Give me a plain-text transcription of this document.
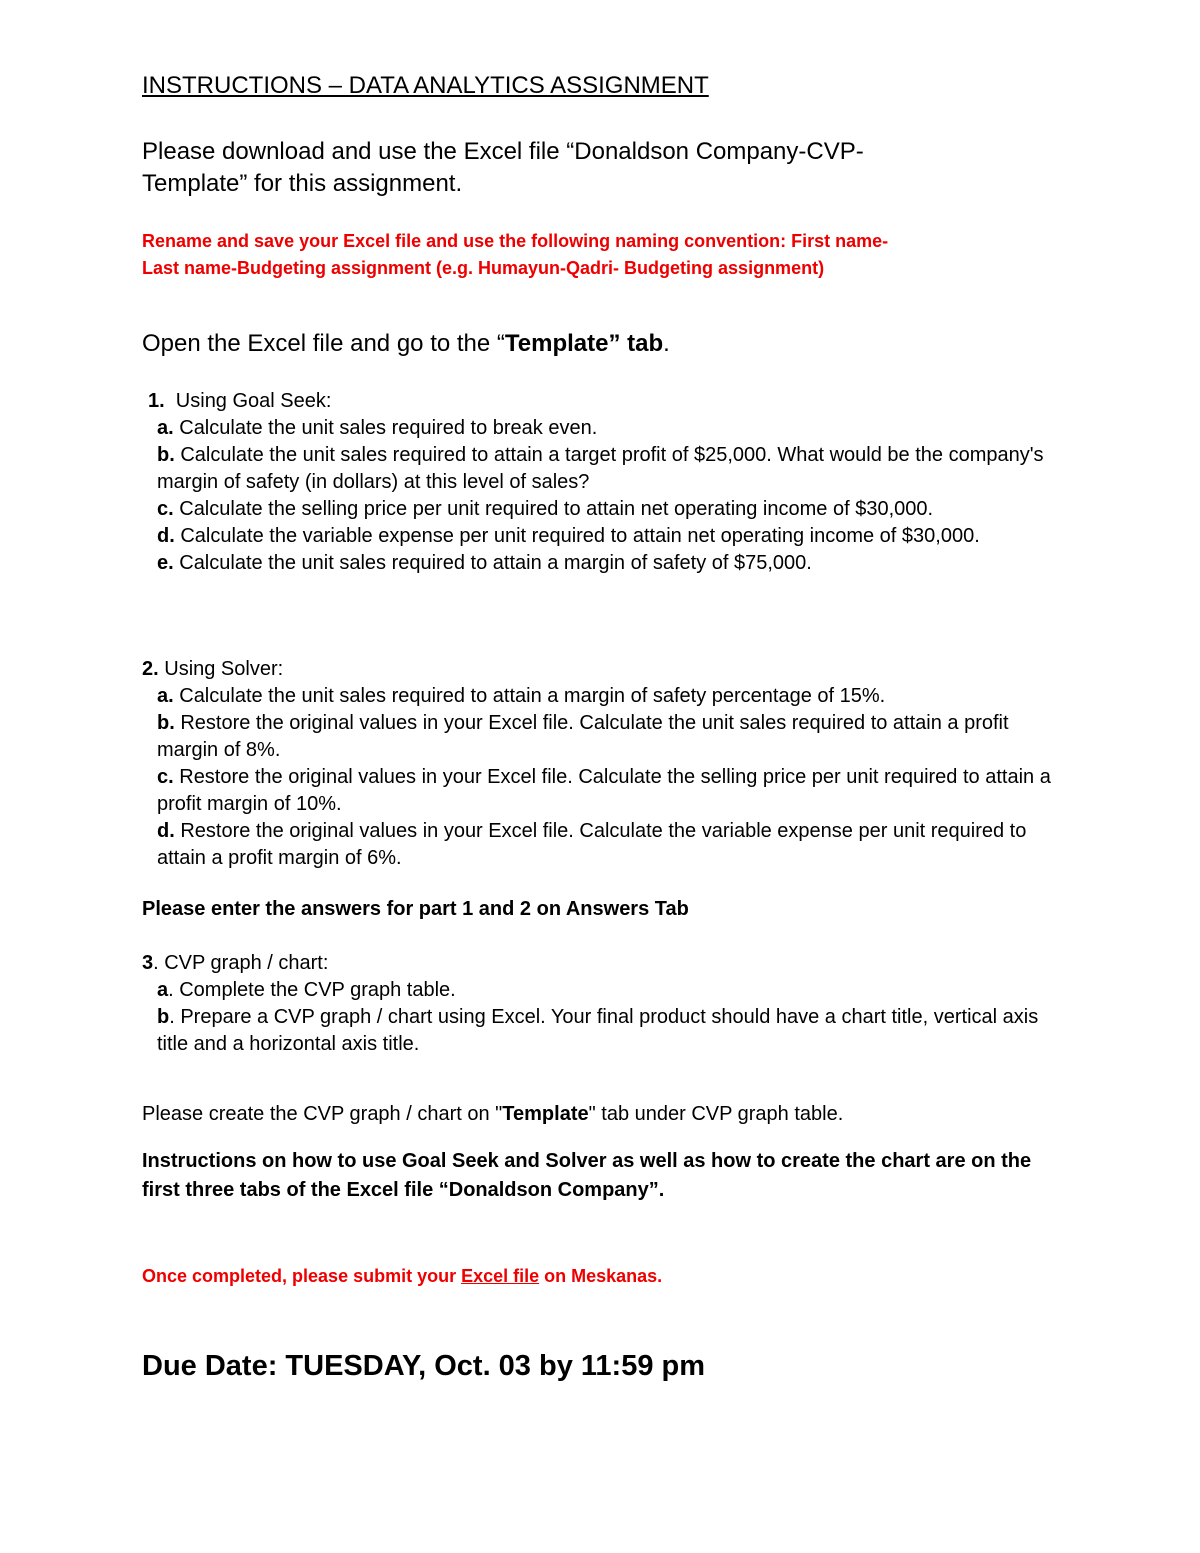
INSTRUCTIONS – DATA ANALYTICS ASSIGNMENT
Please download and use the Excel file “Donaldson Company-CVP-
Template” for this assignment.
Rename and save your Excel file and use the following naming convention: First name-
Last name-Budgeting assignment (e.g. Humayun-Qadri- Budgeting assignment)
Open the Excel file and go to the “Template” tab.
1.  Using Goal Seek:
a. Calculate the unit sales required to break even.
b. Calculate the unit sales required to attain a target profit of $25,000. What would be the company's margin of safety (in dollars) at this level of sales?
c. Calculate the selling price per unit required to attain net operating income of $30,000.
d. Calculate the variable expense per unit required to attain net operating income of $30,000.
e. Calculate the unit sales required to attain a margin of safety of $75,000.
2. Using Solver:
a. Calculate the unit sales required to attain a margin of safety percentage of 15%.
b. Restore the original values in your Excel file. Calculate the unit sales required to attain a profit margin of 8%.
c. Restore the original values in your Excel file. Calculate the selling price per unit required to attain a profit margin of 10%.
d. Restore the original values in your Excel file. Calculate the variable expense per unit required to attain a profit margin of 6%.
Please enter the answers for part 1 and 2 on Answers Tab
3. CVP graph / chart:
a. Complete the CVP graph table.
b. Prepare a CVP graph / chart using Excel. Your final product should have a chart title, vertical axis title and a horizontal axis title.
Please create the CVP graph / chart on "Template" tab under CVP graph table.
Instructions on how to use Goal Seek and Solver as well as how to create the chart are on the first three tabs of the Excel file “Donaldson Company”.
Once completed, please submit your Excel file on Meskanas.
Due Date: TUESDAY, Oct. 03 by 11:59 pm
